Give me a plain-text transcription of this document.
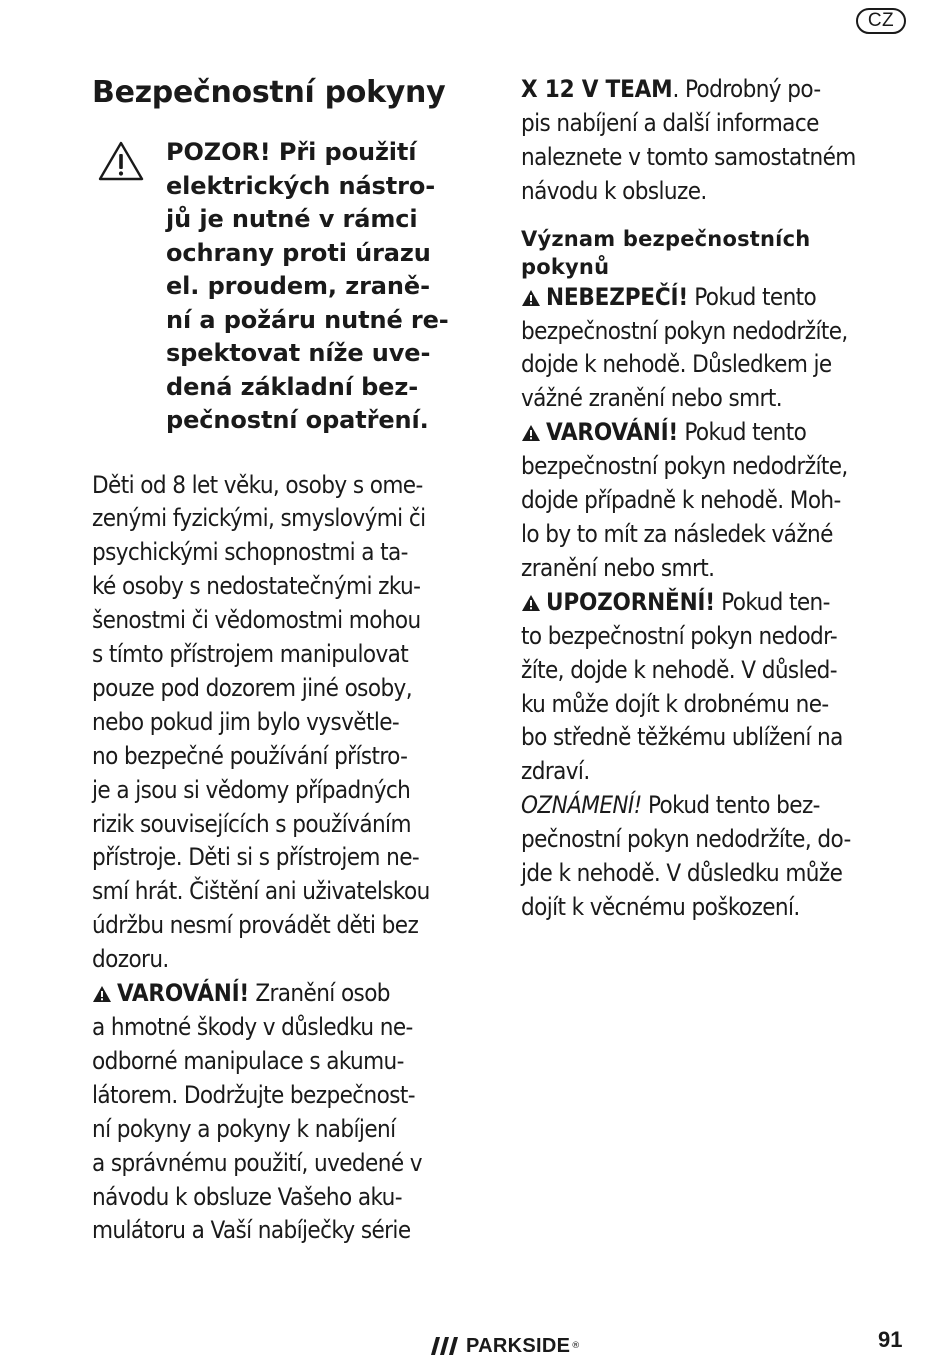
CZ
Bezpečnostní pokyny
POZOR! Při použití
elektrických nástro-
jů je nutné v rámci
ochrany proti úrazu
el. proudem, zraně-
ní a požáru nutné re-
spektovat níže uve-
dená základní bez-
pečnostní opatření.
Děti od 8 let věku, osoby s ome-
zenými fyzickými, smyslovými či
psychickými schopnostmi a ta-
ké osoby s nedostatečnými zku-
šenostmi či vědomostmi mohou
s tímto přístrojem manipulovat
pouze pod dozorem jiné osoby,
nebo pokud jim bylo vysvětle-
no bezpečné používání přístro-
je a jsou si vědomy případných
rizik souvisejících s používáním
přístroje. Děti si s přístrojem ne-
smí hrát. Čištění ani uživatelskou
údržbu nesmí provádět děti bez
dozoru.
VAROVÁNÍ! Zranění osob
a hmotné škody v důsledku ne-
odborné manipulace s akumu-
látorem. Dodržujte bezpečnost-
ní pokyny a pokyny k nabíjení
a správnému použití, uvedené v
návodu k obsluze Vašeho aku-
mulátoru a Vaší nabíječky série
X 12 V TEAM. Podrobný po-
pis nabíjení a další informace
naleznete v tomto samostatném
návodu k obsluze.
Význam bezpečnostních
pokynů
NEBEZPEČÍ! Pokud tento
bezpečnostní pokyn nedodržíte,
dojde k nehodě. Důsledkem je
vážné zranění nebo smrt.
VAROVÁNÍ! Pokud tento
bezpečnostní pokyn nedodržíte,
dojde případně k nehodě. Moh-
lo by to mít za následek vážné
zranění nebo smrt.
UPOZORNĚNÍ! Pokud ten-
to bezpečnostní pokyn nedodr-
žíte, dojde k nehodě. V důsled-
ku může dojít k drobnému ne-
bo středně těžkému ublížení na
zdraví.
OZNÁMENÍ! Pokud tento bez-
pečnostní pokyn nedodržíte, do-
jde k nehodě. V důsledku může
dojít k věcnému poškození.
PARKSIDE ®	91
